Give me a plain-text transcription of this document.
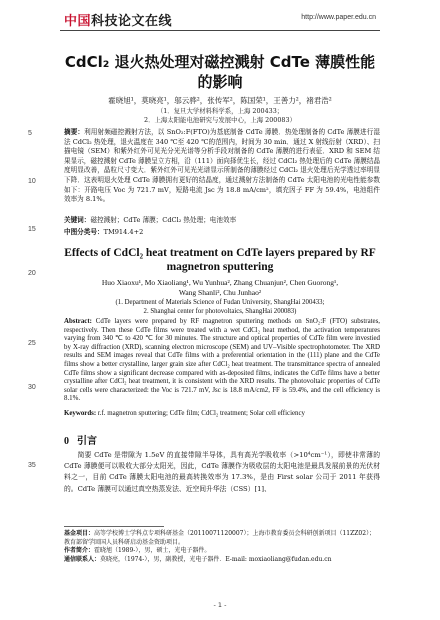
中国科技论文在线	http://www.paper.edu.cn
5
10
15
20
25
30
35
CdCl₂ 退火热处理对磁控溅射 CdTe 薄膜性能的影响
霍晓旭¹，莫晓亮¹，邬云骅²，张传军²，陈国荣¹，王善力²，褚君浩²
（1．复旦大学材料科学系，上海 200433；
2．上海太阳能电池研究与发展中心，上海 200083）
摘要：利用射频磁控溅射方法，以 SnO₂:F(FTO)为基底制备 CdTe 薄膜．热处理制备的 CdTe 薄膜进行湿法 CdCl₂ 热处理，退火温度在 340 ℃至 420 ℃的范围内，时间为 30 min．通过 X 射线衍射（XRD）、扫描电镜（SEM）和紫外红外可见光分光光谱等分析手段对制备的 CdTe 薄膜的进行表征．XRD 和 SEM 结果显示，磁控溅射 CdTe 薄膜呈立方相，沿（111）面向择优生长，经过 CdCl₂ 热处理后的 CdTe 薄膜结晶度明显改善，晶粒尺寸变大．紫外红外可见光光谱显示所制备的薄膜经过 CdCl₂ 退火处理后光学透过率明显下降．这表明退火处理 CdTe 薄膜拥有更好的结晶度，通过溅射方法制备的 CdTe 太阳电池的光电性能参数如下：开路电压 Voc 为 721.7 mV，短路电流 Jsc 为 18.8 mA/cm²，填充因子 FF 为 59.4%，电池组件效率为 8.1%。
关键词：磁控溅射；CdTe 薄膜；CdCl₂ 热处理；电池效率
中图分类号：TM914.4+2
Effects of CdCl₂ heat treatment on CdTe layers prepared by RF magnetron sputtering
Huo Xiaoxu¹, Mo Xiaoliang¹, Wu Yunhua², Zhang Chuanjun², Chen Guorong¹,
Wang Shanli², Chu Junhao²
(1. Department of Materials Science of Fudan University, ShangHai 200433;
2. Shanghai center for photovoltaics, ShangHai 200083)
Abstract: CdTe layers were prepared by RF magnetron sputtering methods on SnO₂:F (FTO) substrates, respectively. Then these CdTe films were treated with a wet CdCl₂ heat method, the activation temperatures varying from 340 ℃ to 420 ℃ for 30 minutes. The structure and optical properties of CdTe film were investied by X-ray diffraction (XRD), scanning electron microscope (SEM) and UV–Visible spectrophotometer. The XRD results and SEM images reveal that CdTe films with a preferential orientation in the (111) plane and the CdTe films show a better crystalline, larger grain size after CdCl₂ heat treatment. The transmittance spectra of annealed CdTe films show a significant decrease compared with as-deposited films, indicates the CdTe films have a better crystalline after CdCl₂ heat treatment, it is consistent with the XRD results. The photovoltaic properties of CdTe solar cells were characterized: the Voc is 721.7 mV, Jsc is 18.8 mA/cm2, FF is 59.4%, and the cell efficiency is 8.1%.
Keywords: r.f. magnetron sputtering; CdTe film; CdCl₂ treatment; Solar cell efficiency
0 引言
简要 CdTe 是带隙为 1.5eV 的直接带隙半导体，具有高光学吸收率（>10⁴cm⁻¹），即使非常薄的 CdTe 薄膜便可以吸收大部分太阳光，因此，CdTe 薄膜作为吸收层的太阳电池是最具发展前景的光伏材料之一，目前 CdTe 薄膜太阳电池的最高转换效率为 17.3%，是由 First solar 公司于 2011 年获得的。CdTe 薄膜可以通过真空热蒸发法、近空间升华法（CSS）[1]、
基金项目：高等学校博士学科点专项科研基金（20110071120007）；上海市教育委员会科研创新项目（11ZZ02）；教育部留学回国人员科研启动基金资助项目。
作者简介：霍晓旭（1989-），男，硕士，光电子器件。
通信联系人：莫晓亮，（1974-），男，副教授，光电子器件．E-mail: moxiaoliang@fudan.edu.cn
- 1 -
